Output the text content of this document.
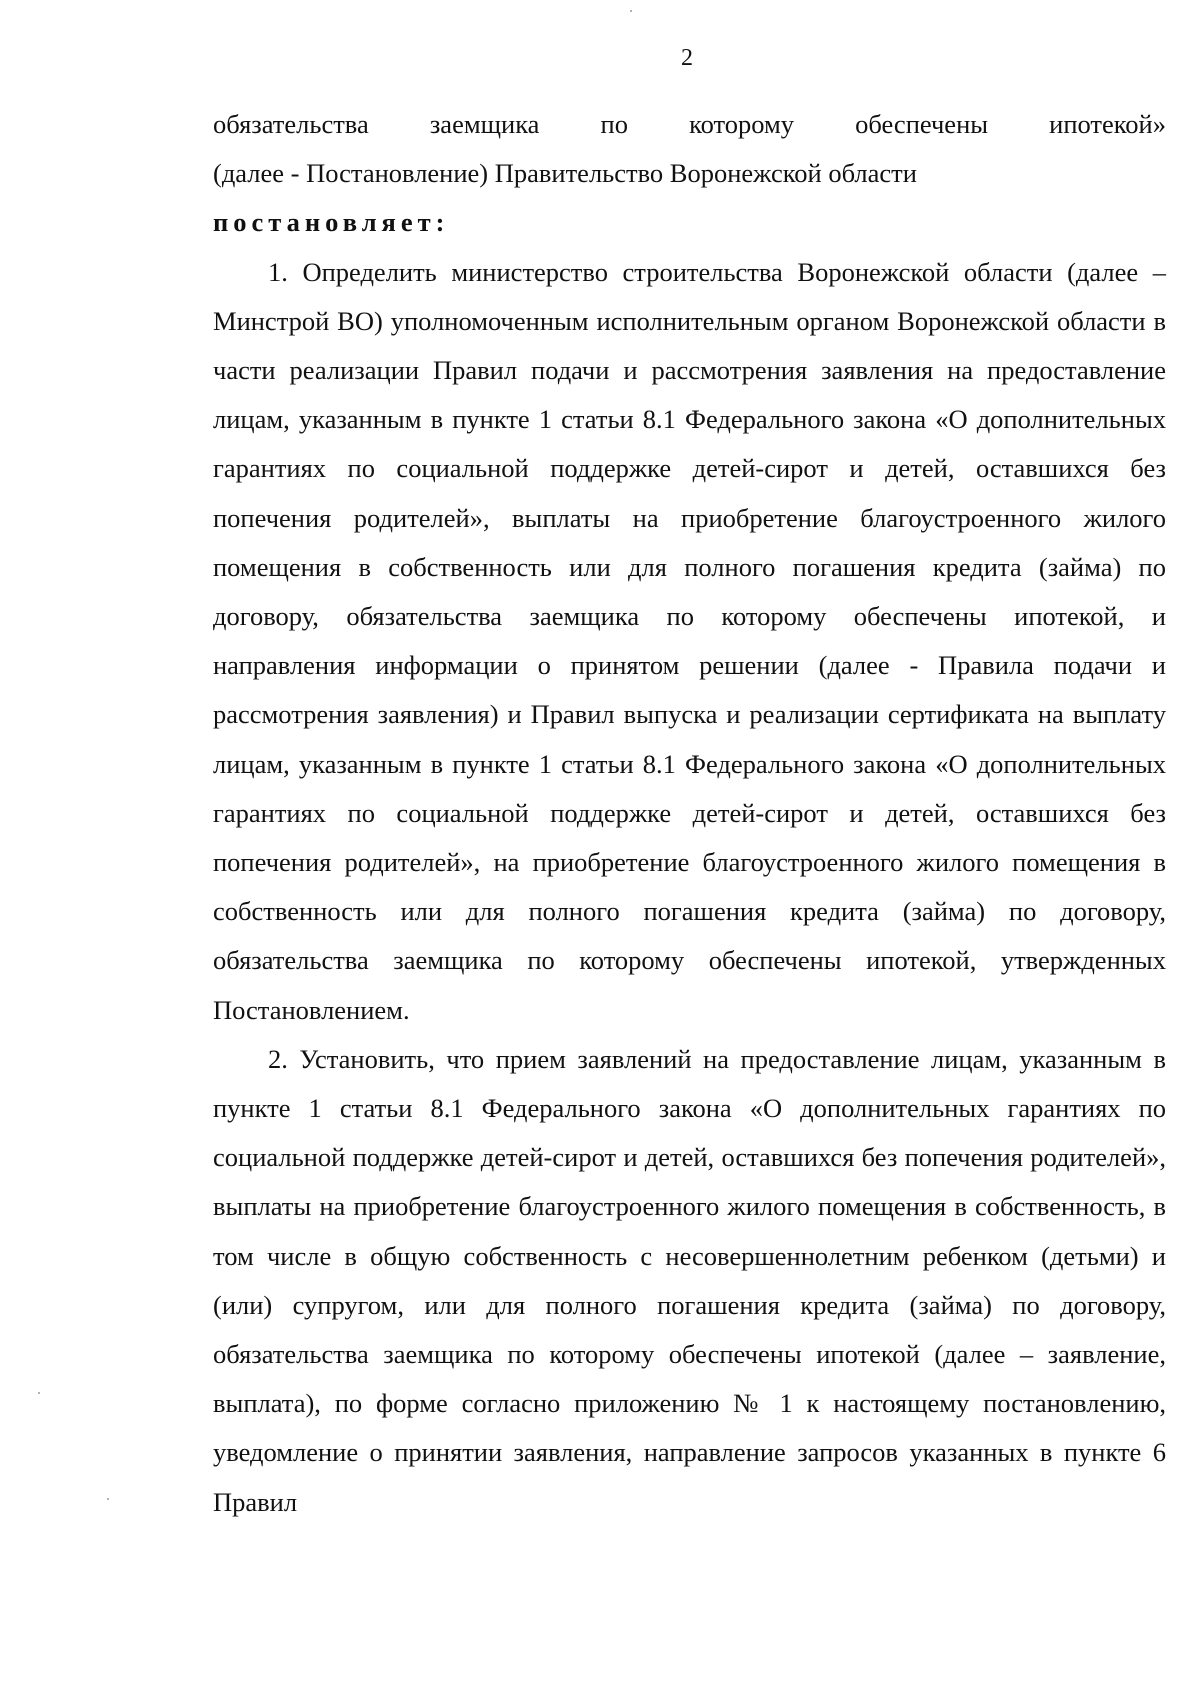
2

обязательства заемщика по которому обеспечены ипотекой»

(далее - Постановление) Правительство Воронежской области

постановляет:

1. Определить министерство строительства Воронежской области (далее – Минстрой ВО) уполномоченным исполнительным органом Воронежской области в части реализации Правил подачи и рассмотрения заявления на предоставление лицам, указанным в пункте 1 статьи 8.1 Федерального закона «О дополнительных гарантиях по социальной поддержке детей-сирот и детей, оставшихся без попечения родителей», выплаты на приобретение благоустроенного жилого помещения в собственность или для полного погашения кредита (займа) по договору, обязательства заемщика по которому обеспечены ипотекой, и направления информации о принятом решении (далее - Правила подачи и рассмотрения заявления) и Правил выпуска и реализации сертификата на выплату лицам, указанным в пункте 1 статьи 8.1 Федерального закона «О дополнительных гарантиях по социальной поддержке детей-сирот и детей, оставшихся без попечения родителей», на приобретение благоустроенного жилого помещения в собственность или для полного погашения кредита (займа) по договору, обязательства заемщика по которому обеспечены ипотекой, утвержденных Постановлением.

2. Установить, что прием заявлений на предоставление лицам, указанным в пункте 1 статьи 8.1 Федерального закона «О дополнительных гарантиях по социальной поддержке детей-сирот и детей, оставшихся без попечения родителей», выплаты на приобретение благоустроенного жилого помещения в собственность, в том числе в общую собственность с несовершеннолетним ребенком (детьми) и (или) супругом, или для полного погашения кредита (займа) по договору, обязательства заемщика по которому обеспечены ипотекой (далее – заявление, выплата), по форме согласно приложению № 1 к настоящему постановлению, уведомление о принятии заявления, направление запросов указанных в пункте 6 Правил
